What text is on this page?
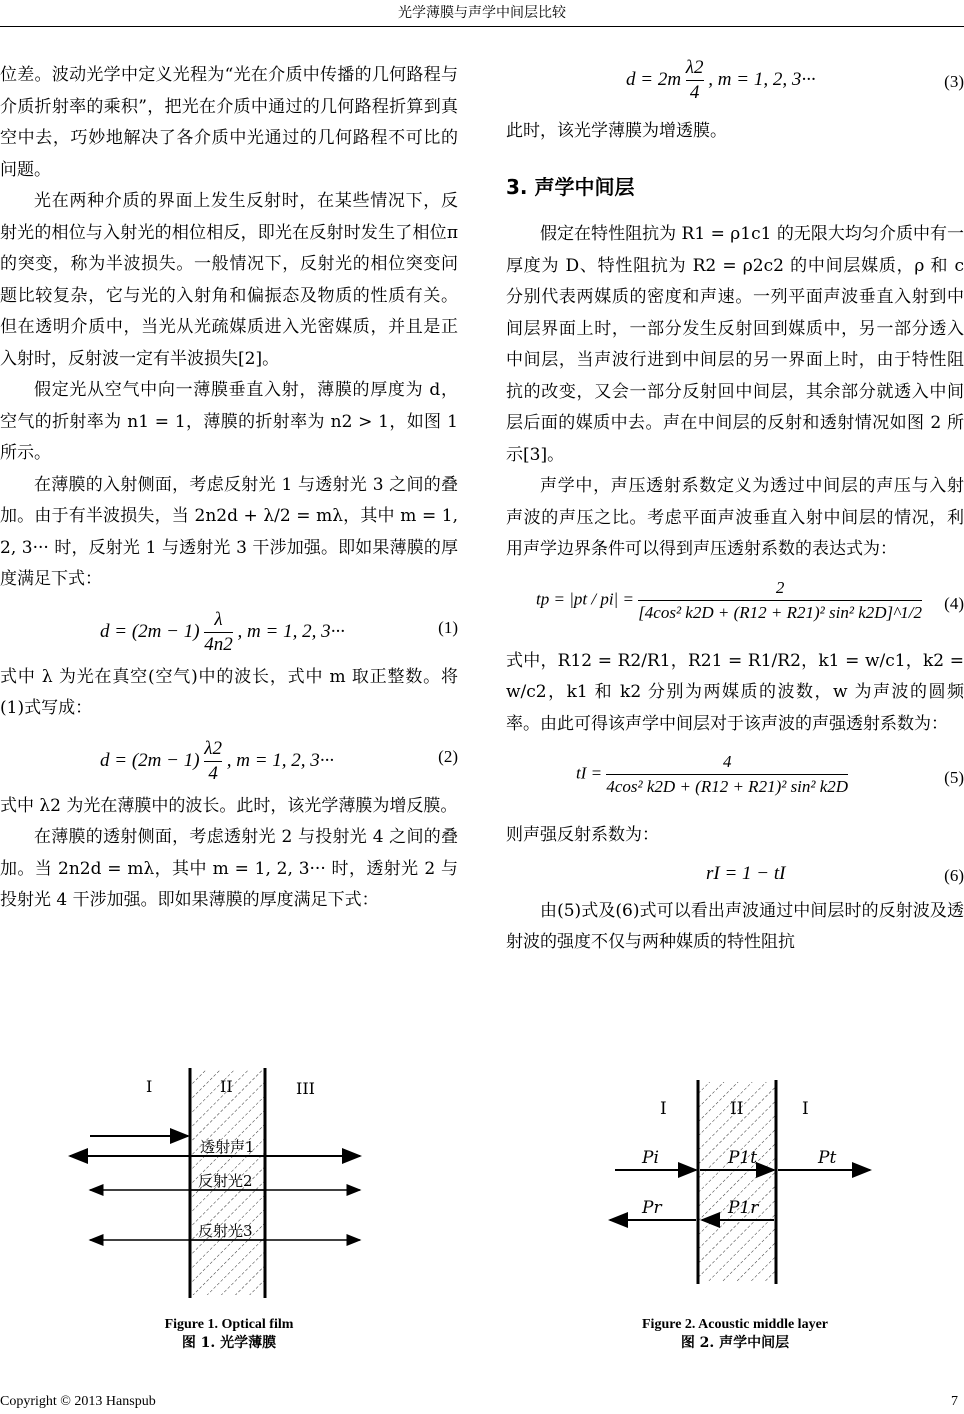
光学薄膜与声学中间层比较

位差。波动光学中定义光程为“光在介质中传播的几何路程与介质折射率的乘积”，把光在介质中通过的几何路程折算到真空中去，巧妙地解决了各介质中光通过的几何路程不可比的问题。

光在两种介质的界面上发生反射时，在某些情况下，反射光的相位与入射光的相位相反，即光在反射时发生了相位π的突变，称为半波损失。一般情况下，反射光的相位突变问题比较复杂，它与光的入射角和偏振态及物质的性质有关。但在透明介质中，当光从光疏媒质进入光密媒质，并且是正入射时，反射波一定有半波损失[2]。

假定光从空气中向一薄膜垂直入射，薄膜的厚度为 d，空气的折射率为 n1 = 1，薄膜的折射率为 n2 > 1，如图 1 所示。

在薄膜的入射侧面，考虑反射光 1 与透射光 3 之间的叠加。由于有半波损失，当 2n2d + λ/2 = mλ，其中 m = 1, 2, 3··· 时，反射光 1 与透射光 3 干涉加强。即如果薄膜的厚度满足下式：

$d = (2m - 1) \frac{\lambda}{4n2}$ , m = 1, 2, 3···	(1)

式中 λ 为光在真空(空气)中的波长，式中 m 取正整数。将(1)式写成：

$d = (2m - 1) \frac{\lambda 2}{4}$ , m = 1, 2, 3···	(2)

式中 λ2 为光在薄膜中的波长。此时，该光学薄膜为增反膜。

在薄膜的透射侧面，考虑透射光 2 与投射光 4 之间的叠加。当 2n2d = mλ，其中 m = 1, 2, 3··· 时，透射光 2 与投射光 4 干涉加强。即如果薄膜的厚度满足下式：

$d = 2m \frac{\lambda 2}{4}$ , m = 1, 2, 3···	(3)

此时，该光学薄膜为增透膜。

3. 声学中间层

假定在特性阻抗为 R1 = ρ1c1 的无限大均匀介质中有一厚度为 D、特性阻抗为 R2 = ρ2c2 的中间层媒质，ρ 和 c 分别代表两媒质的密度和声速。一列平面声波垂直入射到中间层界面上时，一部分发生反射回到媒质中，另一部分透入中间层，当声波行进到中间层的另一界面上时，由于特性阻抗的改变，又会一部分反射回中间层，其余部分就透入中间层后面的媒质中去。声在中间层的反射和透射情况如图 2 所示[3]。

声学中，声压透射系数定义为透过中间层的声压与入射声波的声压之比。考虑平面声波垂直入射中间层的情况，利用声学边界条件可以得到声压透射系数的表达式为：

tp = $|pt / pi| = \frac{2}{\text{[4cos² k2D + (R12 + R21)² sin² k2D]\textasciicircum{}1/2}} (4)$

式中，R12 = R2/R1，R21 = R1/R2，k1 = w/c1，k2 = w/c2，k1 和 k2 分别为两媒质的波数，w 为声波的圆频率。由此可得该声学中间层对于该声波的声强透射系数为：

tI = $\frac{4}{\text{4cos² k2D + (R12 + R21)² sin² k2D}}$	(5)

则声强反射系数为：

rI = 1 − tI	(6)

由(5)式及(6)式可以看出声波通过中间层时的反射波及透射波的强度不仅与两种媒质的特性阻抗

I	II	III
透射声1
反射光2
反射光3
Figure 1. Optical film
图 1. 光学薄膜
I	II	I
Pi	P1t	Pt
Pr	P1r
Figure 2. Acoustic middle layer
图 2. 声学中间层
Copyright © 2013 Hanspub	7
